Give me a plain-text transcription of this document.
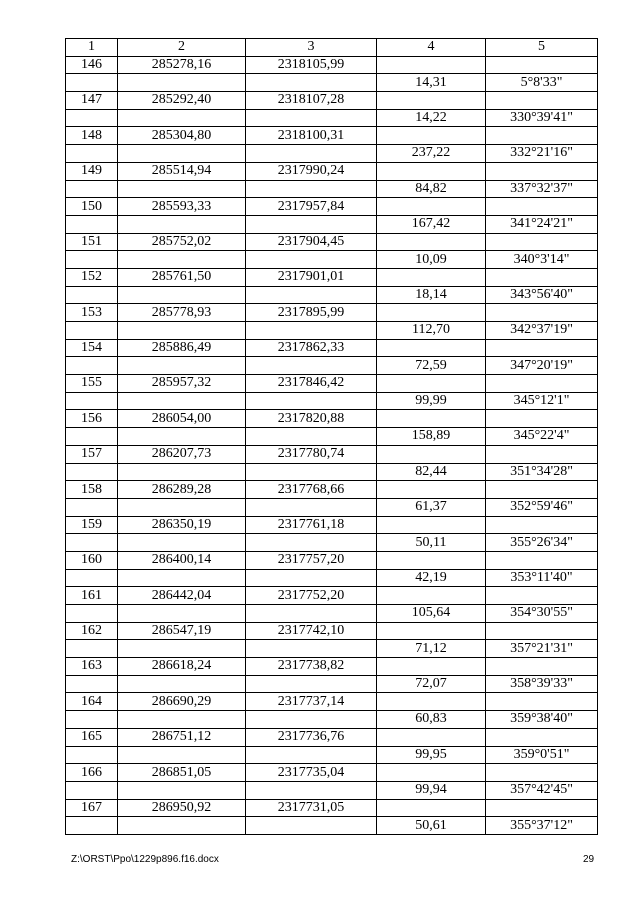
1	2	3	4	5
146	285278,16	2318105,99		
			14,31	5°8'33"
147	285292,40	2318107,28		
			14,22	330°39'41"
148	285304,80	2318100,31		
			237,22	332°21'16"
149	285514,94	2317990,24		
			84,82	337°32'37"
150	285593,33	2317957,84		
			167,42	341°24'21"
151	285752,02	2317904,45		
			10,09	340°3'14"
152	285761,50	2317901,01		
			18,14	343°56'40"
153	285778,93	2317895,99		
			112,70	342°37'19"
154	285886,49	2317862,33		
			72,59	347°20'19"
155	285957,32	2317846,42		
			99,99	345°12'1"
156	286054,00	2317820,88		
			158,89	345°22'4"
157	286207,73	2317780,74		
			82,44	351°34'28"
158	286289,28	2317768,66		
			61,37	352°59'46"
159	286350,19	2317761,18		
			50,11	355°26'34"
160	286400,14	2317757,20		
			42,19	353°11'40"
161	286442,04	2317752,20		
			105,64	354°30'55"
162	286547,19	2317742,10		
			71,12	357°21'31"
163	286618,24	2317738,82		
			72,07	358°39'33"
164	286690,29	2317737,14		
			60,83	359°38'40"
165	286751,12	2317736,76		
			99,95	359°0'51"
166	286851,05	2317735,04		
			99,94	357°42'45"
167	286950,92	2317731,05		
			50,61	355°37'12"
Z:\ORST\Ppo\1229p896.f16.docx	29
